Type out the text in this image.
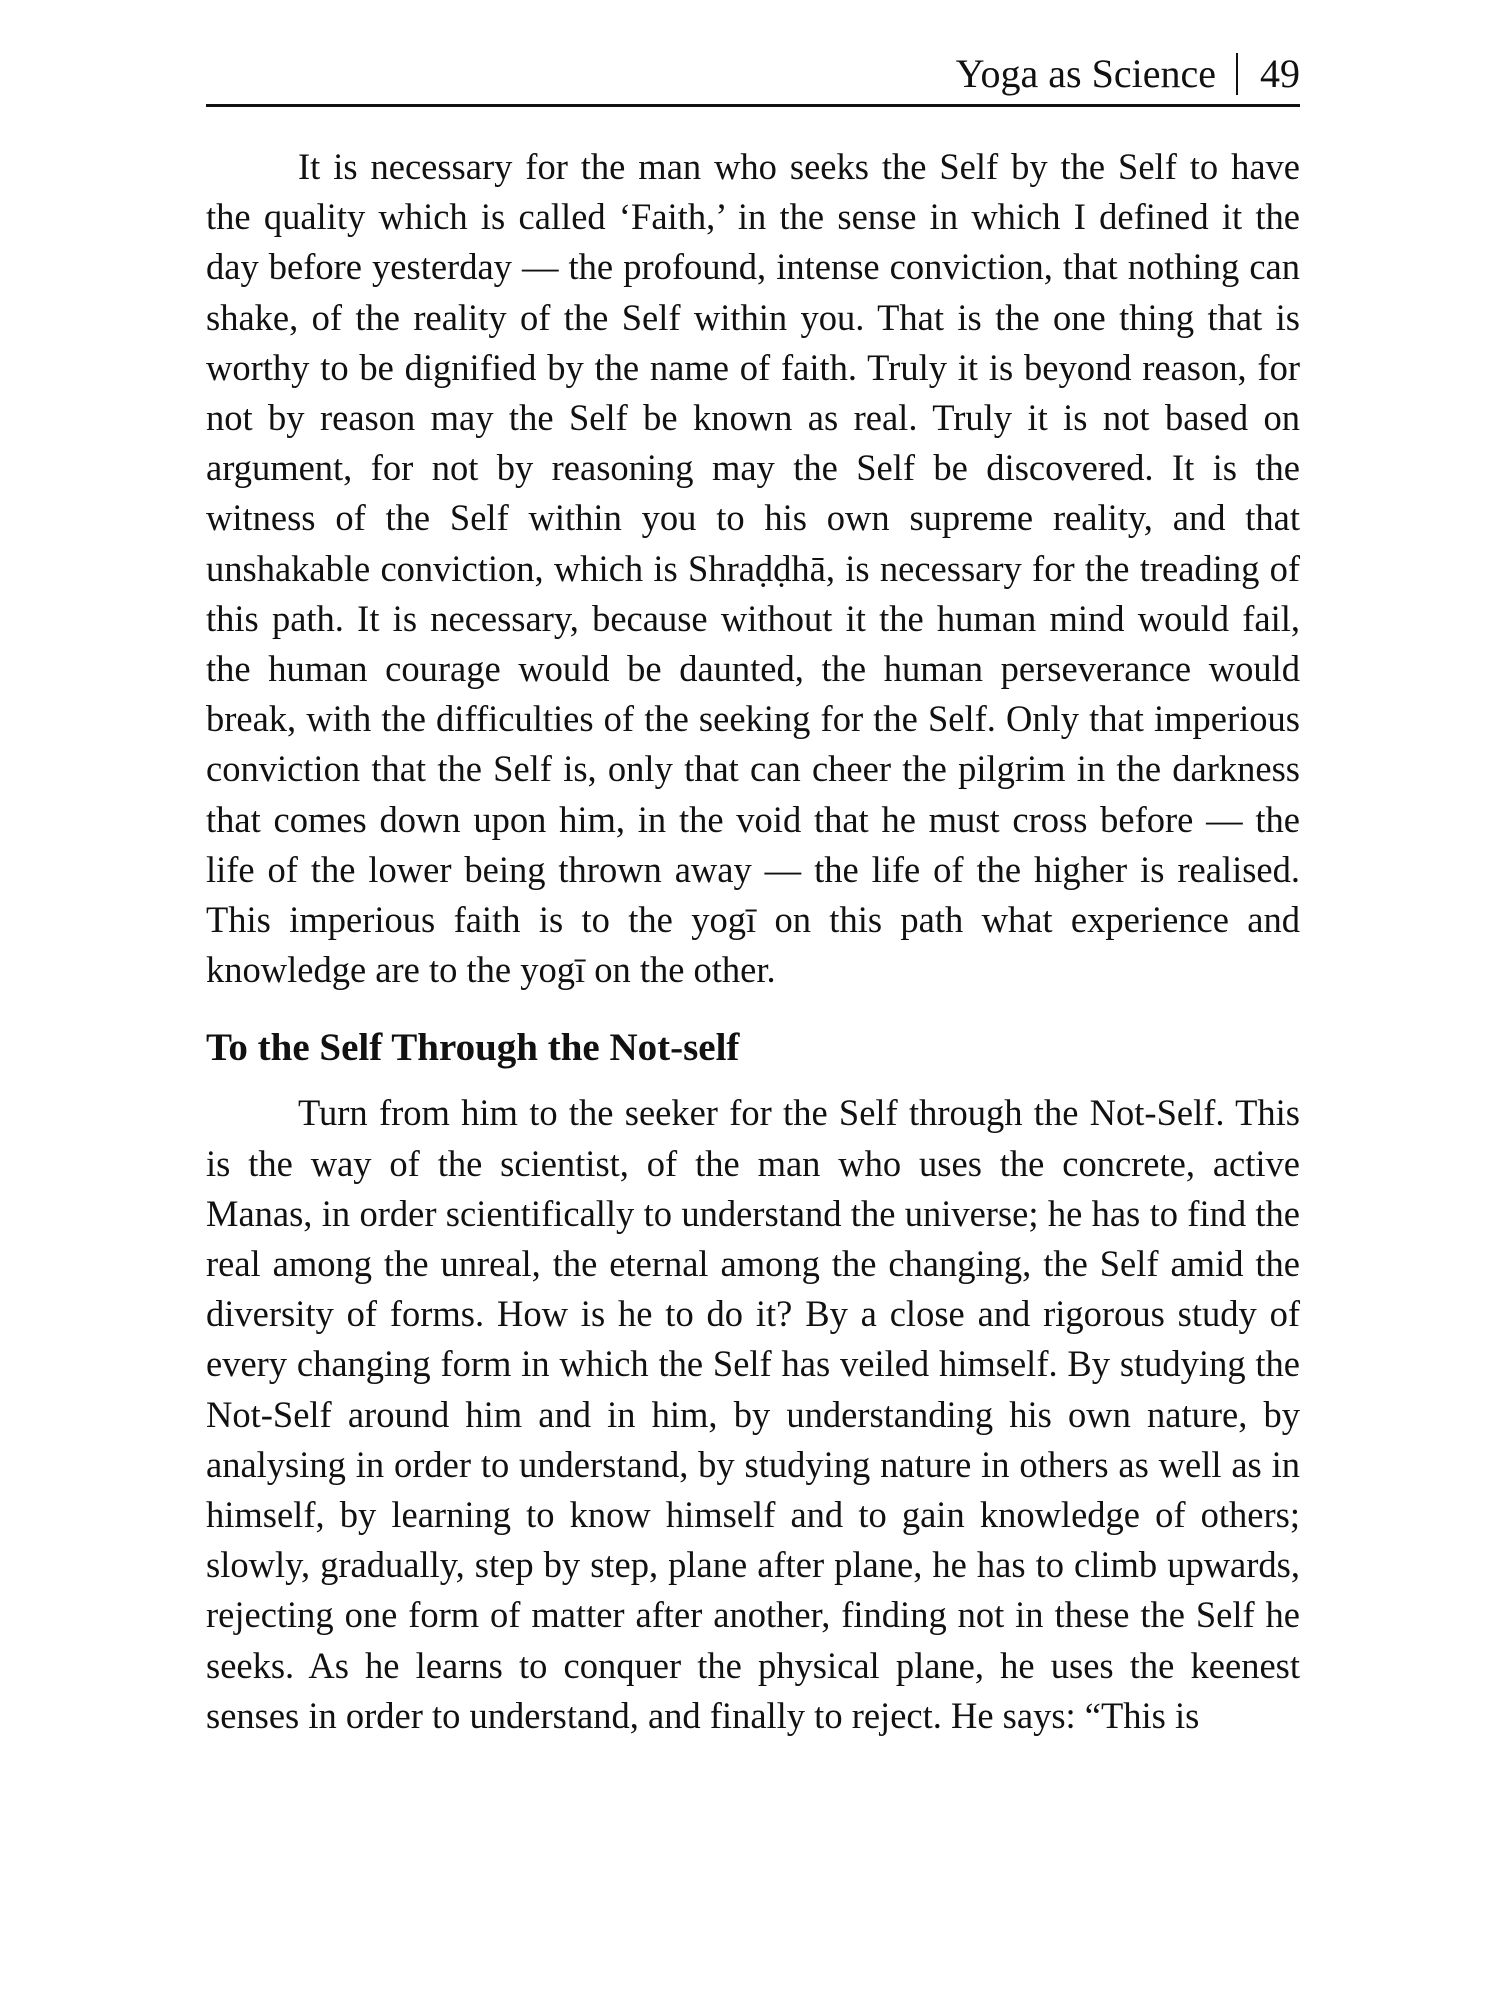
Yoga as Science 49

It is necessary for the man who seeks the Self by the Self to have the quality which is called ‘Faith,’ in the sense in which I defined it the day before yesterday — the profound, intense conviction, that nothing can shake, of the reality of the Self within you. That is the one thing that is worthy to be dignified by the name of faith. Truly it is beyond reason, for not by reason may the Self be known as real. Truly it is not based on argument, for not by reasoning may the Self be discovered. It is the witness of the Self within you to his own supreme reality, and that unshakable conviction, which is Shraḍḍhā, is necessary for the treading of this path. It is necessary, because without it the human mind would fail, the human courage would be daunted, the human perseverance would break, with the difficulties of the seeking for the Self. Only that imperious conviction that the Self is, only that can cheer the pilgrim in the darkness that comes down upon him, in the void that he must cross before — the life of the lower being thrown away — the life of the higher is realised. This imperious faith is to the yogī on this path what experience and knowledge are to the yogī on the other.

To the Self Through the Not-self

Turn from him to the seeker for the Self through the Not-Self. This is the way of the scientist, of the man who uses the concrete, active Manas, in order scientifically to understand the universe; he has to find the real among the unreal, the eternal among the changing, the Self amid the diversity of forms. How is he to do it? By a close and rigorous study of every changing form in which the Self has veiled himself. By studying the Not-Self around him and in him, by understanding his own nature, by analysing in order to understand, by studying nature in others as well as in himself, by learning to know himself and to gain knowledge of others; slowly, gradually, step by step, plane after plane, he has to climb upwards, rejecting one form of matter after another, finding not in these the Self he seeks. As he learns to conquer the physical plane, he uses the keenest senses in order to understand, and finally to reject. He says: “This is
